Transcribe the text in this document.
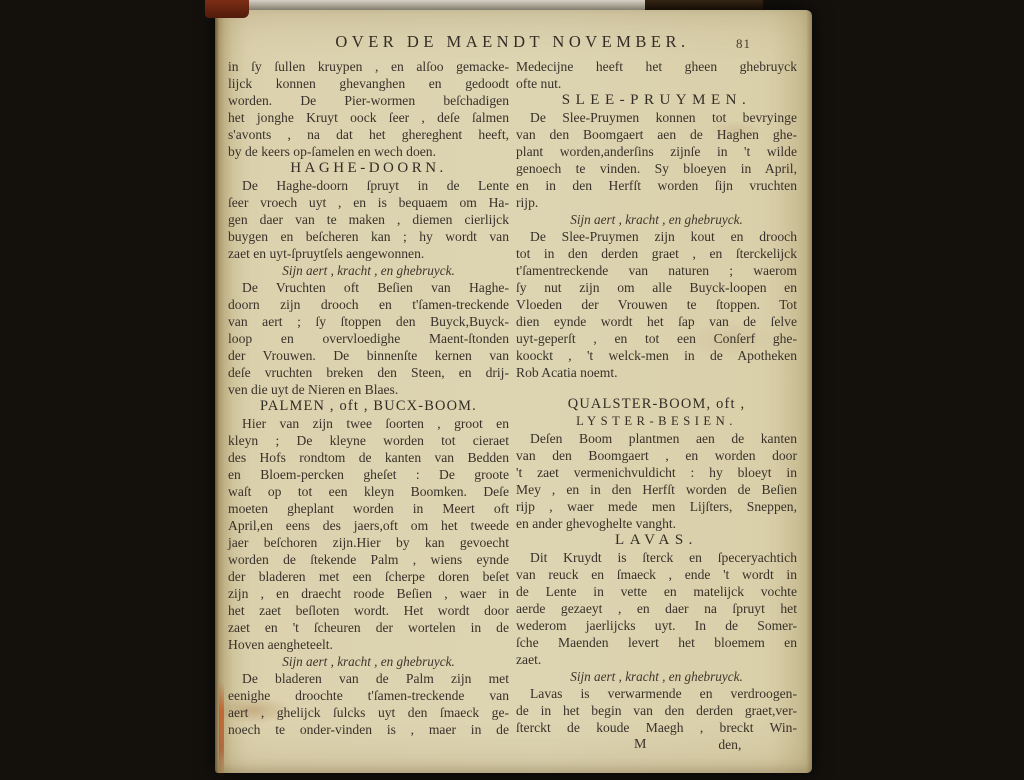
OVER DE MAENDT NOVEMBER.	81
in ſy ſullen kruypen , en alſoo gemacke-
lijck konnen ghevanghen en gedoodt
worden. De Pier-wormen beſchadigen
het jonghe Kruyt oock ſeer , deſe ſalmen
s'avonts , na dat het ghereghent heeft,
by de keers op-ſamelen en wech doen.
HAGHE-DOORN.
De Haghe-doorn ſpruyt in de Lente
ſeer vroech uyt , en is bequaem om Ha-
gen daer van te maken , diemen cierlijck
buygen en beſcheren kan ; hy wordt van
zaet en uyt-ſpruytſels aengewonnen.
Sijn aert , kracht , en ghebruyck.
De Vruchten oft Beſien van Haghe-
doorn zijn drooch en t'ſamen-treckende
van aert ; ſy ſtoppen den Buyck,Buyck-
loop en overvloedighe Maent-ſtonden
der Vrouwen. De binnenſte kernen van
deſe vruchten breken den Steen, en drij-
ven die uyt de Nieren en Blaes.
PALMEN , oft , BUCX-BOOM.
Hier van zijn twee ſoorten , groot en
kleyn ; De kleyne worden tot cieraet
des Hofs rondtom de kanten van Bedden
en Bloem-percken gheſet : De groote
waſt op tot een kleyn Boomken. Deſe
moeten gheplant worden in Meert oft
April,en eens des jaers,oft om het tweede
jaer beſchoren zijn.Hier by kan gevoecht
worden de ſtekende Palm , wiens eynde
der bladeren met een ſcherpe doren beſet
zijn , en draecht roode Beſien , waer in
het zaet beſloten wordt. Het wordt door
zaet en 't ſcheuren der wortelen in de
Hoven aengheteelt.
Sijn aert , kracht , en ghebruyck.
De bladeren van de Palm zijn met
eenighe droochte t'ſamen-treckende van
aert , ghelijck ſulcks uyt den ſmaeck ge-
noech te onder-vinden is , maer in de
Medecijne heeft het gheen ghebruyck
ofte nut.
SLEE-PRUYMEN.
De Slee-Pruymen konnen tot bevryinge
van den Boomgaert aen de Haghen ghe-
plant worden,anderſins zijnſe in 't wilde
genoech te vinden. Sy bloeyen in April,
en in den Herfſt worden ſijn vruchten
rijp.
Sijn aert , kracht , en ghebruyck.
De Slee-Pruymen zijn kout en drooch
tot in den derden graet , en ſterckelijck
t'ſamentreckende van naturen ; waerom
ſy nut zijn om alle Buyck-loopen en
Vloeden der Vrouwen te ſtoppen. Tot
dien eynde wordt het ſap van de ſelve
uyt-geperſt , en tot een Conſerf ghe-
koockt , 't welck-men in de Apotheken
Rob Acatia noemt.
QUALSTER-BOOM, oft ,
LYSTER-BESIEN.
Deſen Boom plantmen aen de kanten
van den Boomgaert , en worden door
't zaet vermenichvuldicht : hy bloeyt in
Mey , en in den Herfſt worden de Beſien
rijp , waer mede men Lijſters, Sneppen,
en ander ghevoghelte vanght.
LAVAS.
Dit Kruydt is ſterck en ſpeceryachtich
van reuck en ſmaeck , ende 't wordt in
de Lente in vette en matelijck vochte
aerde gezaeyt , en daer na ſpruyt het
wederom jaerlijcks uyt. In de Somer-
ſche Maenden levert het bloemem en
zaet.
Sijn aert , kracht , en ghebruyck.
Lavas is verwarmende en verdroogen-
de in het begin van den derden graet,ver-
ſterckt de koude Maegh , breckt Win-
M	den,
